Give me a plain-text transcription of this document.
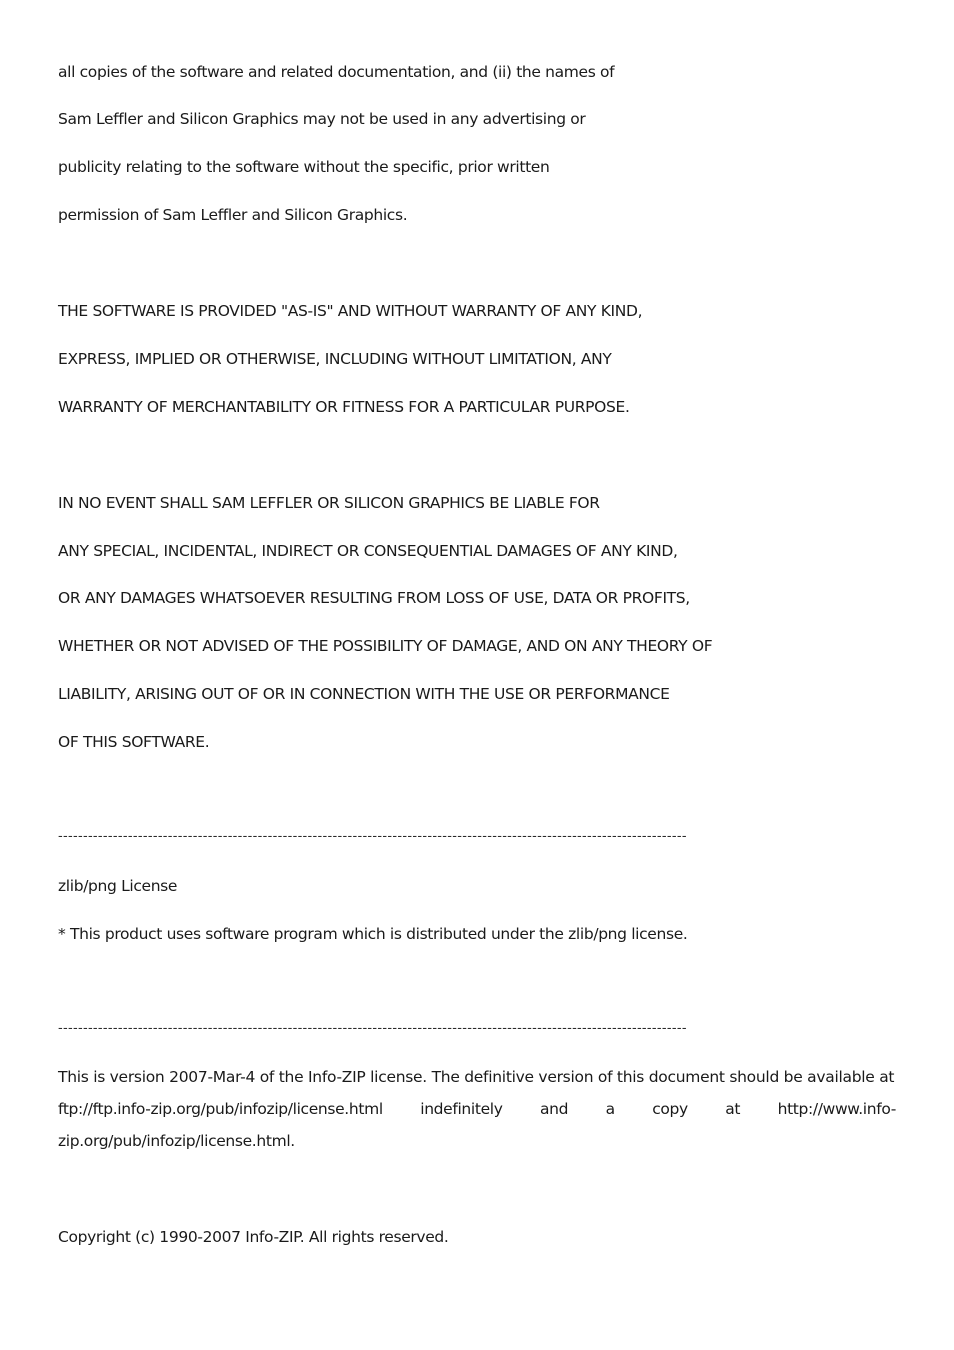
all copies of the software and related documentation, and (ii) the names of
Sam Leffler and Silicon Graphics may not be used in any advertising or
publicity relating to the software without the specific, prior written
permission of Sam Leffler and Silicon Graphics.
THE SOFTWARE IS PROVIDED "AS-IS" AND WITHOUT WARRANTY OF ANY KIND,
EXPRESS, IMPLIED OR OTHERWISE, INCLUDING WITHOUT LIMITATION, ANY
WARRANTY OF MERCHANTABILITY OR FITNESS FOR A PARTICULAR PURPOSE.
IN NO EVENT SHALL SAM LEFFLER OR SILICON GRAPHICS BE LIABLE FOR
ANY SPECIAL, INCIDENTAL, INDIRECT OR CONSEQUENTIAL DAMAGES OF ANY KIND,
OR ANY DAMAGES WHATSOEVER RESULTING FROM LOSS OF USE, DATA OR PROFITS,
WHETHER OR NOT ADVISED OF THE POSSIBILITY OF DAMAGE, AND ON ANY THEORY OF
LIABILITY, ARISING OUT OF OR IN CONNECTION WITH THE USE OR PERFORMANCE
OF THIS SOFTWARE.
------------------------------------------------------------------------------------------------------------------------------
zlib/png License
* This product uses software program which is distributed under the zlib/png license.
------------------------------------------------------------------------------------------------------------------------------
This is version 2007-Mar-4 of the Info-ZIP license. The definitive version of this document should be available at
ftp://ftp.info-zip.org/pub/infozip/license.html indefinitely and a copy at http://www.info-
zip.org/pub/infozip/license.html.
Copyright (c) 1990-2007 Info-ZIP. All rights reserved.
